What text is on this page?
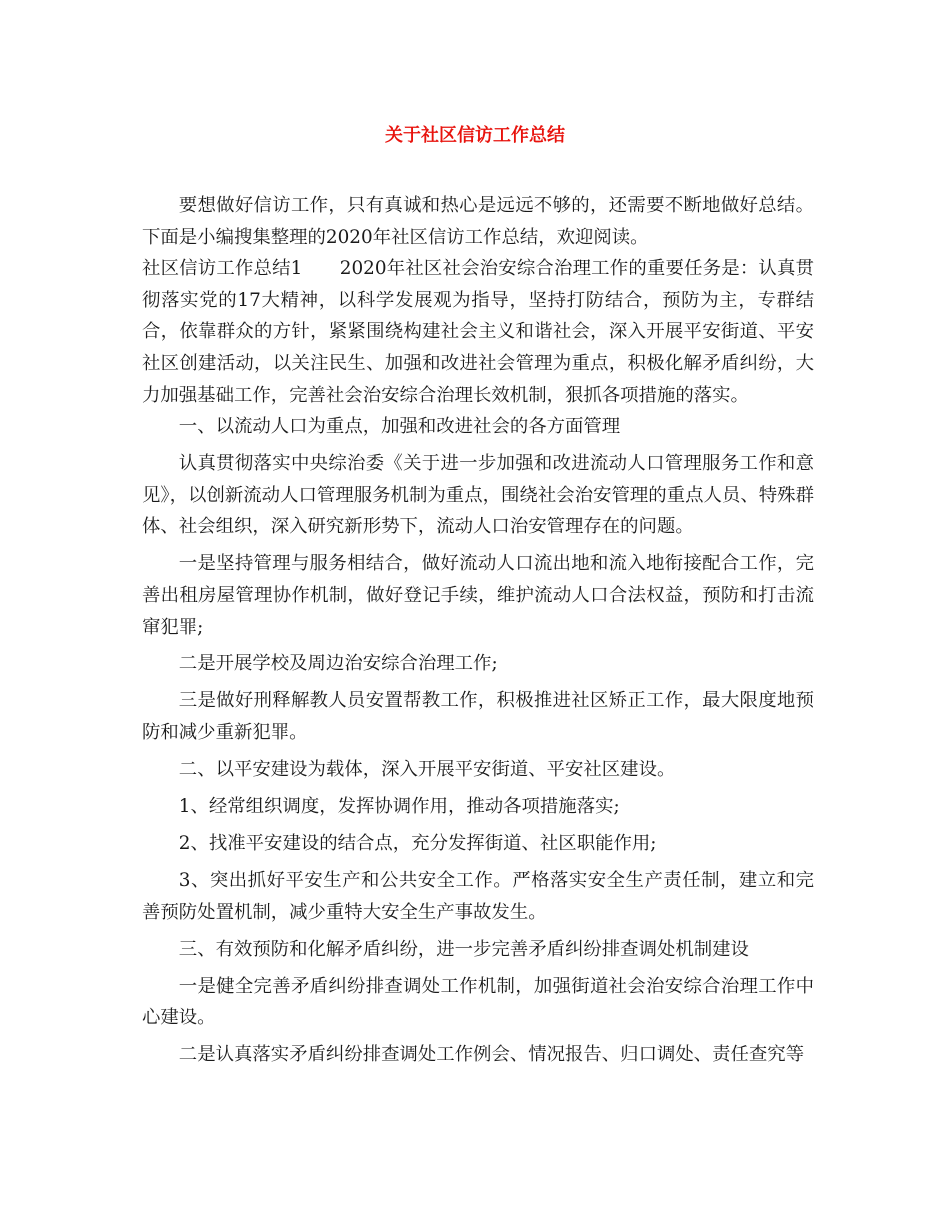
关于社区信访工作总结

要想做好信访工作，只有真诚和热心是远远不够的，还需要不断地做好总结。下面是小编搜集整理的2020年社区信访工作总结，欢迎阅读。

社区信访工作总结1　　2020年社区社会治安综合治理工作的重要任务是：认真贯彻落实党的17大精神，以科学发展观为指导，坚持打防结合，预防为主，专群结合，依靠群众的方针，紧紧围绕构建社会主义和谐社会，深入开展平安街道、平安社区创建活动，以关注民生、加强和改进社会管理为重点，积极化解矛盾纠纷，大力加强基础工作，完善社会治安综合治理长效机制，狠抓各项措施的落实。

一、以流动人口为重点，加强和改进社会的各方面管理

认真贯彻落实中央综治委《关于进一步加强和改进流动人口管理服务工作和意见》，以创新流动人口管理服务机制为重点，围绕社会治安管理的重点人员、特殊群体、社会组织，深入研究新形势下，流动人口治安管理存在的问题。

一是坚持管理与服务相结合，做好流动人口流出地和流入地衔接配合工作，完善出租房屋管理协作机制，做好登记手续，维护流动人口合法权益，预防和打击流窜犯罪;

二是开展学校及周边治安综合治理工作;

三是做好刑释解教人员安置帮教工作，积极推进社区矫正工作，最大限度地预防和减少重新犯罪。

二、以平安建设为载体，深入开展平安街道、平安社区建设。

1、经常组织调度，发挥协调作用，推动各项措施落实;

2、找准平安建设的结合点，充分发挥街道、社区职能作用;

3、突出抓好平安生产和公共安全工作。严格落实安全生产责任制，建立和完善预防处置机制，减少重特大安全生产事故发生。

三、有效预防和化解矛盾纠纷，进一步完善矛盾纠纷排查调处机制建设

一是健全完善矛盾纠纷排查调处工作机制，加强街道社会治安综合治理工作中心建设。

二是认真落实矛盾纠纷排查调处工作例会、情况报告、归口调处、责任查究等
